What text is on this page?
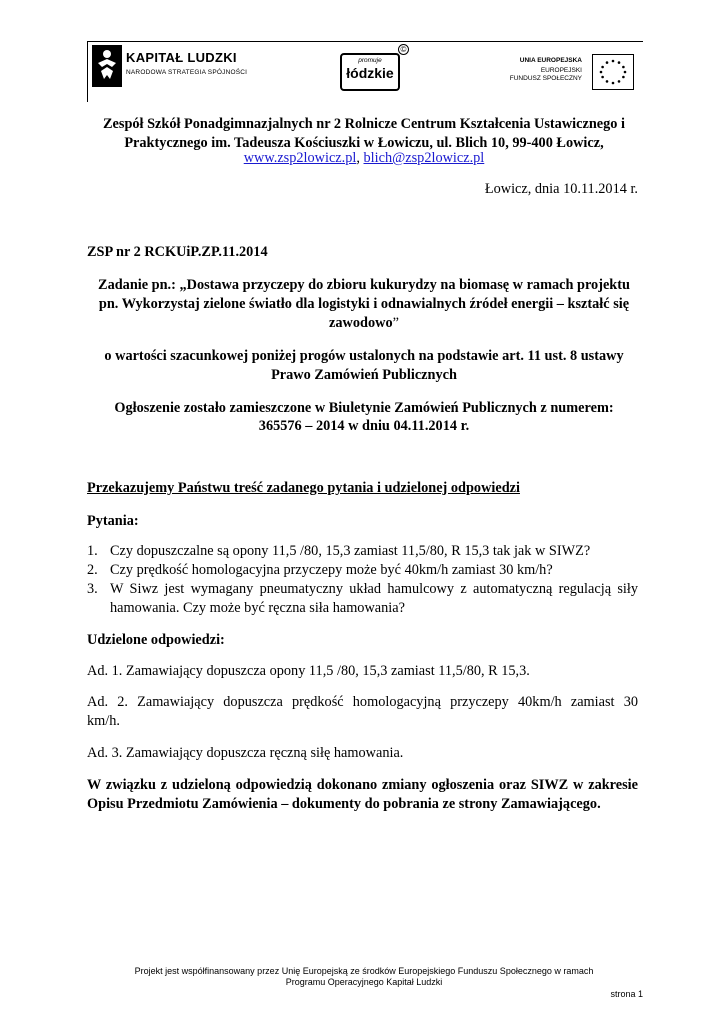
KAPITAŁ LUDZKI
NARODOWA STRATEGIA SPÓJNOŚCI
promuje
łódzkie
©
UNIA EUROPEJSKA
EUROPEJSKI
FUNDUSZ SPOŁECZNY
Zespół Szkół Ponadgimnazjalnych nr 2 Rolnicze Centrum Kształcenia Ustawicznego i
Praktycznego im. Tadeusza Kościuszki w Łowiczu, ul. Blich 10, 99-400 Łowicz,
www.zsp2lowicz.pl, blich@zsp2lowicz.pl
Łowicz, dnia 10.11.2014 r.
ZSP nr 2 RCKUiP.ZP.11.2014
Zadanie pn.: „Dostawa przyczepy do zbioru kukurydzy na biomasę w ramach projektu
pn. Wykorzystaj zielone światło dla logistyki i odnawialnych źródeł energii – kształć się
zawodowo”
o wartości szacunkowej poniżej progów ustalonych na podstawie art. 11 ust. 8 ustawy
Prawo Zamówień Publicznych
Ogłoszenie zostało zamieszczone w Biuletynie Zamówień Publicznych z numerem:
365576 – 2014 w dniu 04.11.2014 r.
Przekazujemy Państwu treść zadanego pytania i udzielonej odpowiedzi
Pytania:
1. Czy dopuszczalne są opony 11,5 /80, 15,3 zamiast 11,5/80, R 15,3 tak jak w SIWZ?
2. Czy prędkość homologacyjna przyczepy może być 40km/h zamiast 30 km/h?
3. W Siwz jest wymagany pneumatyczny układ hamulcowy z automatyczną regulacją siły
hamowania. Czy może być ręczna siła hamowania?
Udzielone odpowiedzi:
Ad. 1. Zamawiający dopuszcza opony 11,5 /80, 15,3 zamiast 11,5/80, R 15,3.
Ad. 2. Zamawiający dopuszcza prędkość homologacyjną przyczepy 40km/h zamiast 30
km/h.
Ad. 3. Zamawiający dopuszcza ręczną siłę hamowania.
W związku z udzieloną odpowiedzią dokonano zmiany ogłoszenia oraz SIWZ w zakresie
Opisu Przedmiotu Zamówienia – dokumenty do pobrania ze strony Zamawiającego.
Projekt jest współfinansowany przez Unię Europejską ze środków Europejskiego Funduszu Społecznego w ramach
Programu Operacyjnego Kapitał Ludzki
strona 1
